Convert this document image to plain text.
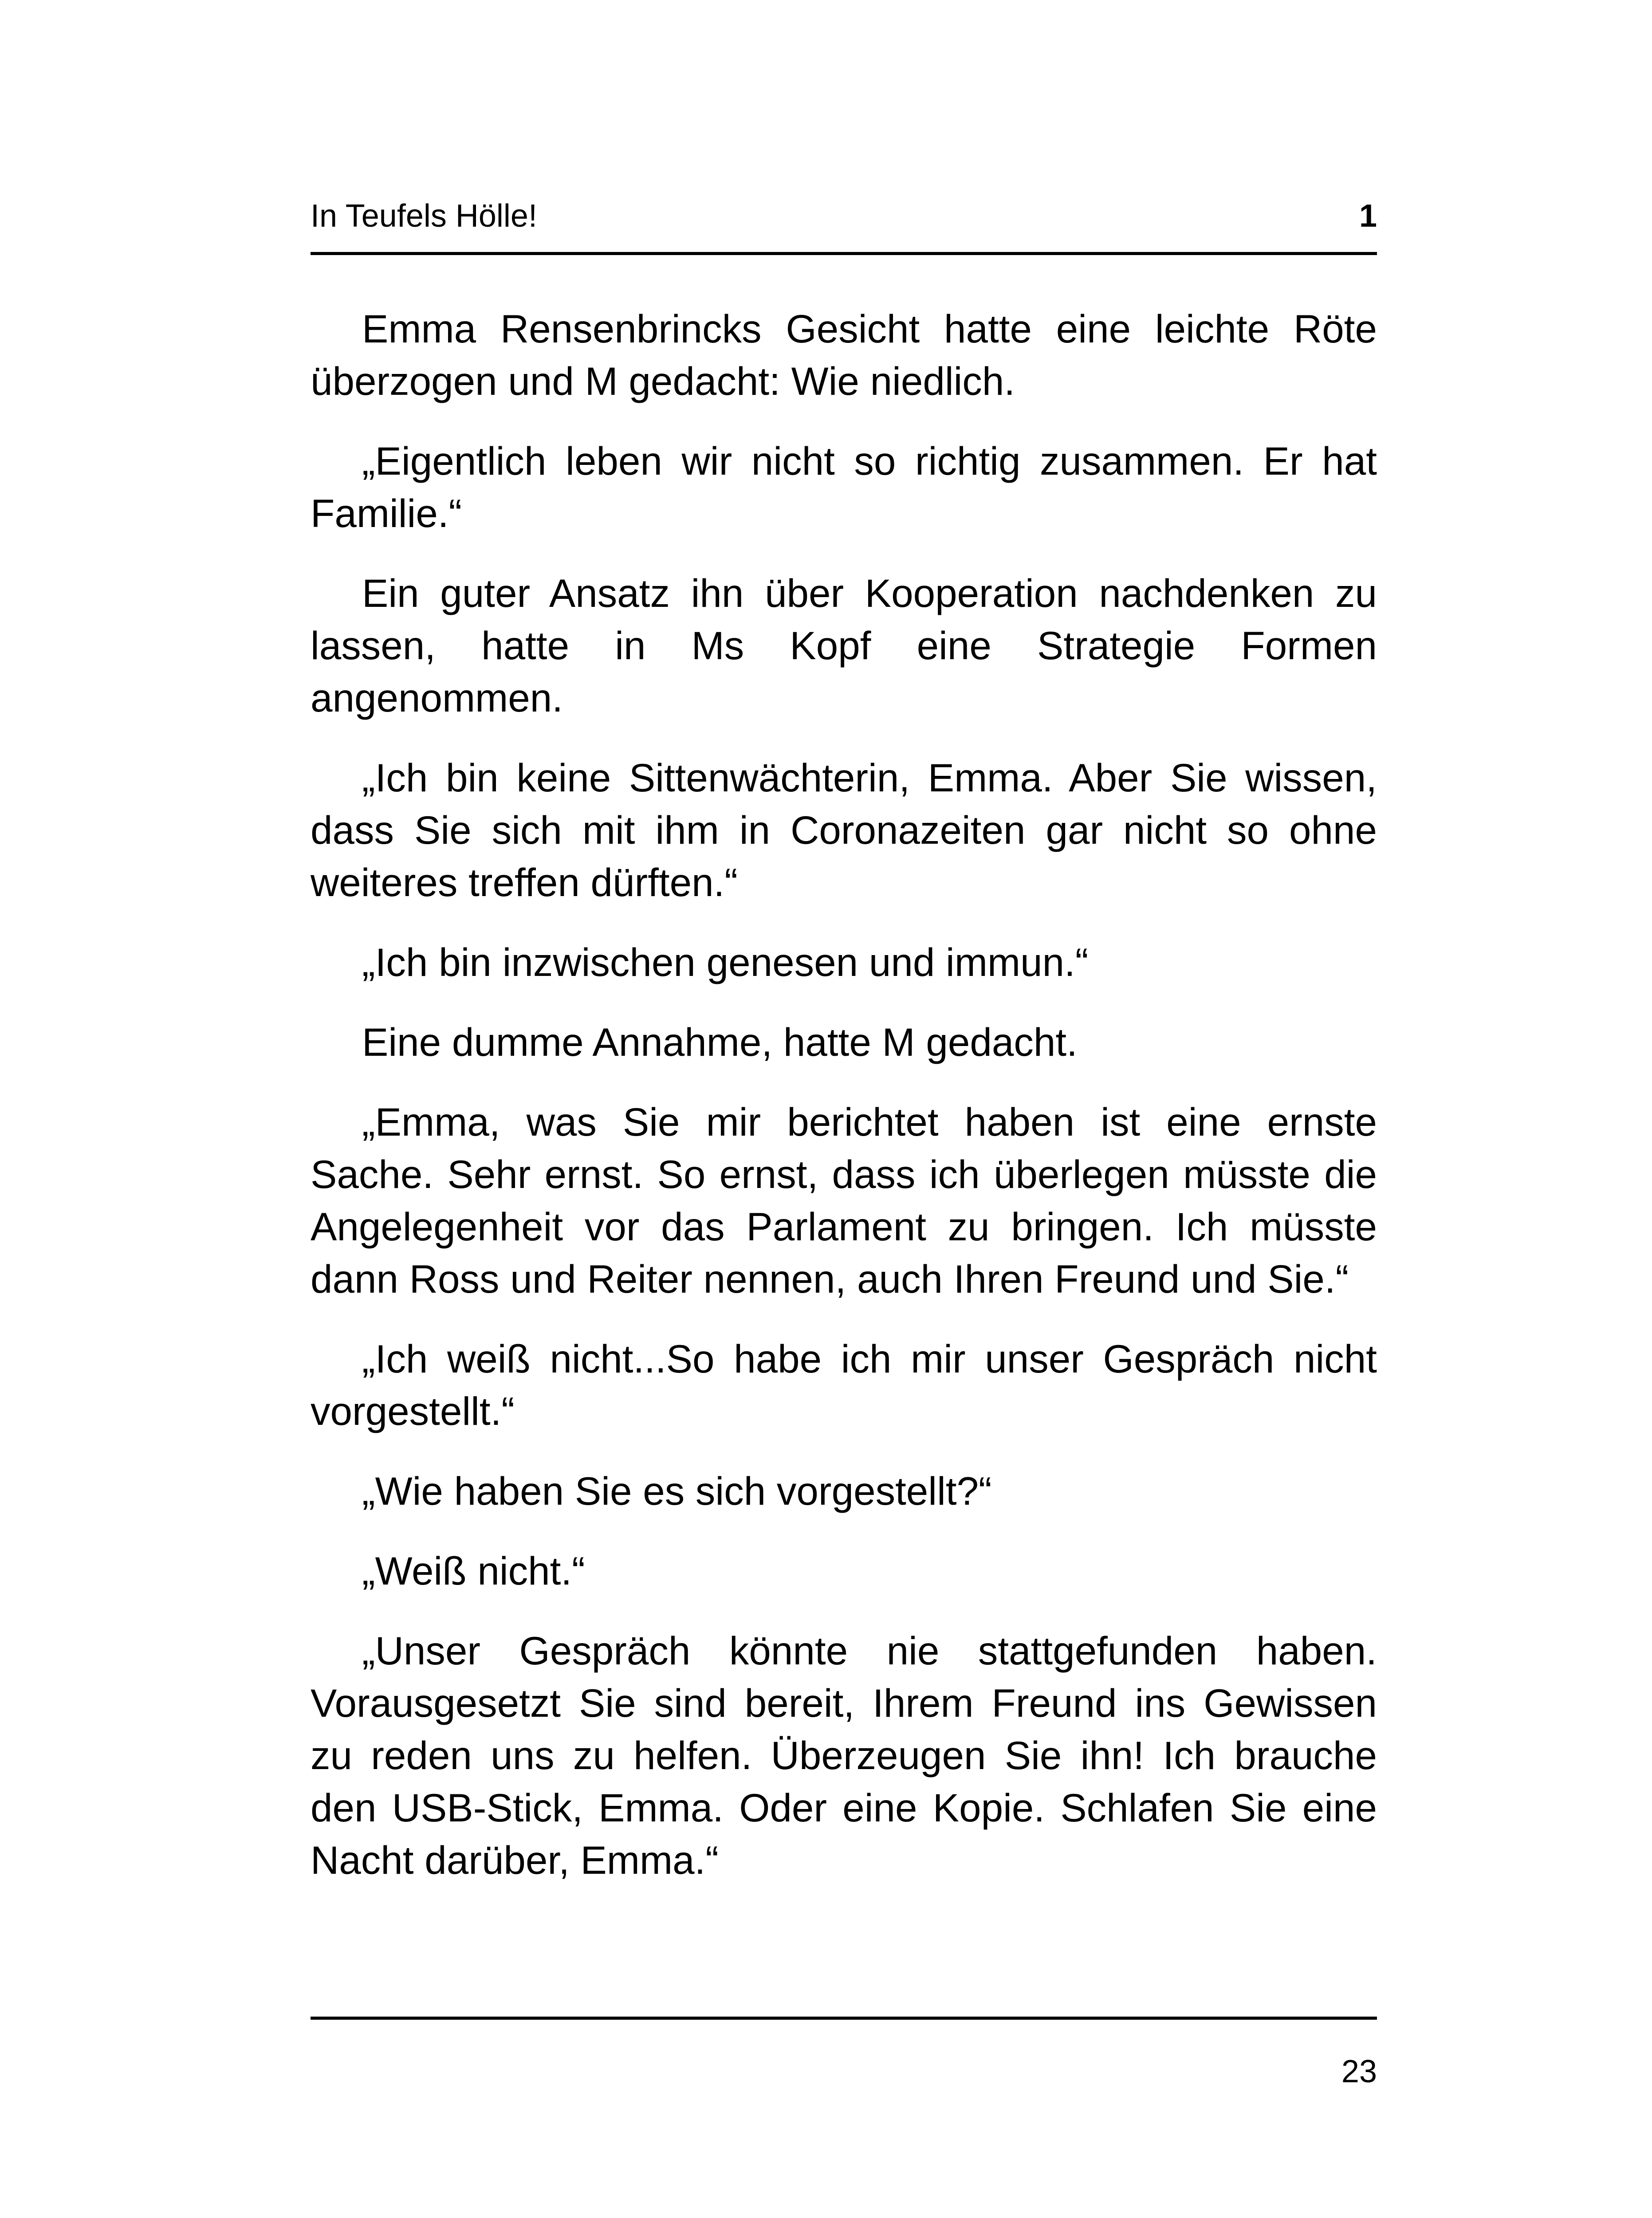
In Teufels Hölle!	1

Emma Rensenbrincks Gesicht hatte eine leichte Röte überzogen und M gedacht: Wie niedlich.

„Eigentlich leben wir nicht so richtig zusammen. Er hat Familie.“

Ein guter Ansatz ihn über Kooperation nachdenken zu lassen, hatte in Ms Kopf eine Strategie Formen angenommen.

„Ich bin keine Sittenwächterin, Emma. Aber Sie wissen, dass Sie sich mit ihm in Coronazeiten gar nicht so ohne weiteres treffen dürften.“

„Ich bin inzwischen genesen und immun.“

Eine dumme Annahme, hatte M gedacht.

„Emma, was Sie mir berichtet haben ist eine ernste Sache. Sehr ernst. So ernst, dass ich überlegen müsste die Angelegenheit vor das Parlament zu bringen. Ich müsste dann Ross und Reiter nennen, auch Ihren Freund und Sie.“

„Ich weiß nicht...So habe ich mir unser Gespräch nicht vorgestellt.“

„Wie haben Sie es sich vorgestellt?“

„Weiß nicht.“

„Unser Gespräch könnte nie stattgefunden haben. Vorausgesetzt Sie sind bereit, Ihrem Freund ins Gewissen zu reden uns zu helfen. Überzeugen Sie ihn! Ich brauche den USB-Stick, Emma. Oder eine Kopie. Schlafen Sie eine Nacht darüber, Emma.“

23
